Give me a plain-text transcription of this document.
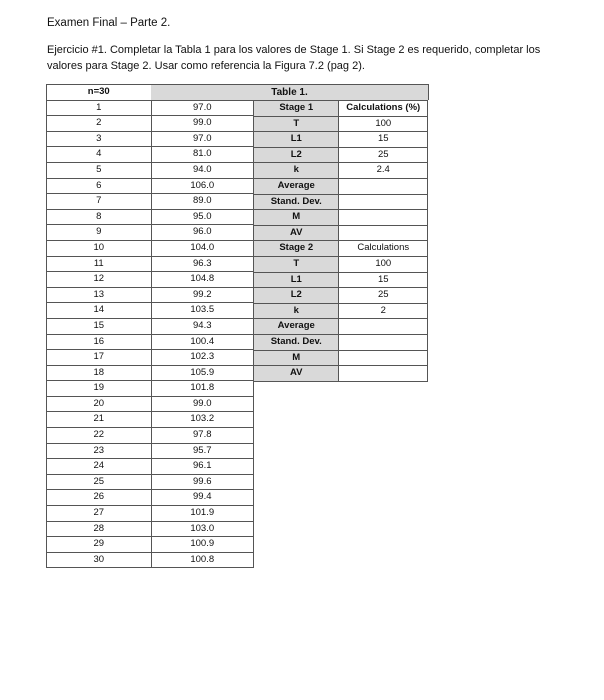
Examen Final – Parte 2.
Ejercicio #1. Completar la Tabla 1 para los valores de Stage 1. Si Stage 2 es requerido, completar los valores para Stage 2. Usar como referencia la Figura 7.2 (pag 2).
n=30	
1	97.0
2	99.0
3	97.0
4	81.0
5	94.0
6	106.0
7	89.0
8	95.0
9	96.0
10	104.0
11	96.3
12	104.8
13	99.2
14	103.5
15	94.3
16	100.4
17	102.3
18	105.9
19	101.8
20	99.0
21	103.2
22	97.8
23	95.7
24	96.1
25	99.6
26	99.4
27	101.9
28	103.0
29	100.9
30	100.8
Table 1.
Stage 1	Calculations (%)
T	100
L1	15
L2	25
k	2.4
Average	
Stand. Dev.	
M	
AV	
Stage 2	Calculations
T	100
L1	15
L2	25
k	2
Average	
Stand. Dev.	
M	
AV	
